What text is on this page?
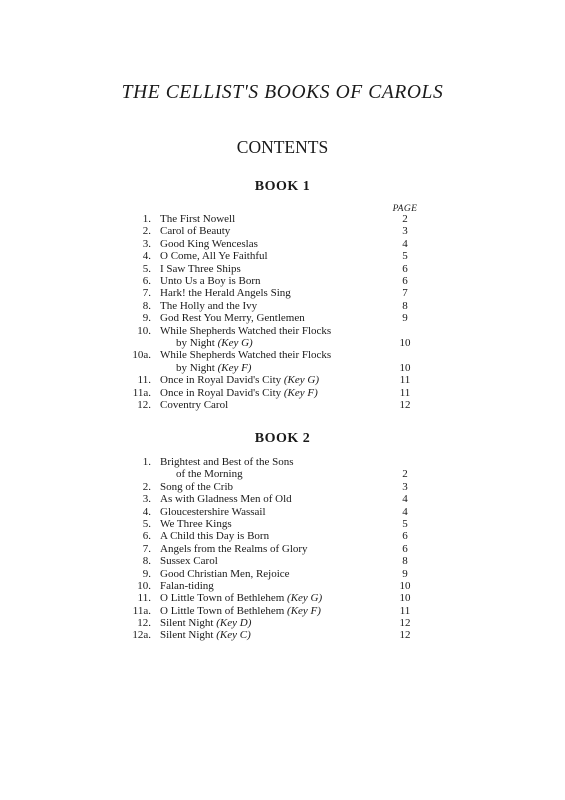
THE CELLIST'S BOOKS OF CAROLS
CONTENTS
BOOK 1
PAGE
1. The First Nowell	2
2. Carol of Beauty	3
3. Good King Wenceslas	4
4. O Come, All Ye Faithful	5
5. I Saw Three Ships	6
6. Unto Us a Boy is Born	6
7. Hark! the Herald Angels Sing	7
8. The Holly and the Ivy	8
9. God Rest You Merry, Gentlemen	9
10. While Shepherds Watched their Flocks
by Night (Key G)	10
10a. While Shepherds Watched their Flocks
by Night (Key F)	10
11. Once in Royal David's City (Key G)	11
11a. Once in Royal David's City (Key F)	11
12. Coventry Carol	12
BOOK 2
1. Brightest and Best of the Sons
of the Morning	2
2. Song of the Crib	3
3. As with Gladness Men of Old	4
4. Gloucestershire Wassail	4
5. We Three Kings	5
6. A Child this Day is Born	6
7. Angels from the Realms of Glory	6
8. Sussex Carol	8
9. Good Christian Men, Rejoice	9
10. Falan-tiding	10
11. O Little Town of Bethlehem (Key G)	10
11a. O Little Town of Bethlehem (Key F)	11
12. Silent Night (Key D)	12
12a. Silent Night (Key C)	12
